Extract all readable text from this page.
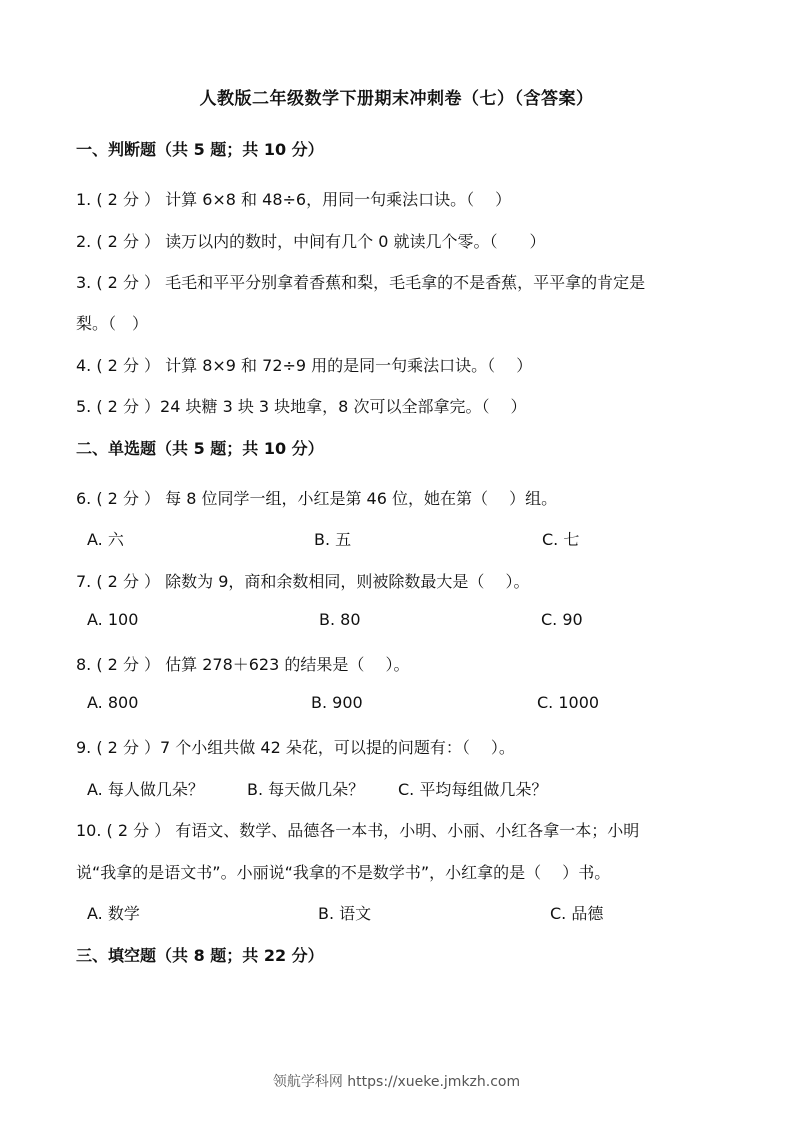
人教版二年级数学下册期末冲刺卷（七）（含答案）
一、判断题（共 5 题；共 10 分）
1. ( 2 分 ） 计算 6×8 和 48÷6，用同一句乘法口诀。（　 ）
2. ( 2 分 ） 读万以内的数时，中间有几个 0 就读几个零。（　　）
3. ( 2 分 ） 毛毛和平平分别拿着香蕉和梨，毛毛拿的不是香蕉，平平拿的肯定是
梨。（　）
4. ( 2 分 ） 计算 8×9 和 72÷9 用的是同一句乘法口诀。（　 ）
5. ( 2 分 ）24 块糖 3 块 3 块地拿，8 次可以全部拿完。（　 ）
二、单选题（共 5 题；共 10 分）
6. ( 2 分 ） 每 8 位同学一组，小红是第 46 位，她在第（　 ）组。
A. 六	B. 五	C. 七
7. ( 2 分 ） 除数为 9，商和余数相同，则被除数最大是（　 ）。
A. 100	B. 80	C. 90
8. ( 2 分 ） 估算 278＋623 的结果是（　 ）。
A. 800	B. 900	C. 1000
9. ( 2 分 ）7 个小组共做 42 朵花，可以提的问题有：（　 ）。
A. 每人做几朵？	B. 每天做几朵？ C. 平均每组做几朵？
10. ( 2 分 ） 有语文、数学、品德各一本书，小明、小丽、小红各拿一本；小明
说“我拿的是语文书”。小丽说“我拿的不是数学书”，小红拿的是（　 ）书。
A. 数学	B. 语文	C. 品德
三、填空题（共 8 题；共 22 分）
领航学科网 https://xueke.jmkzh.com
